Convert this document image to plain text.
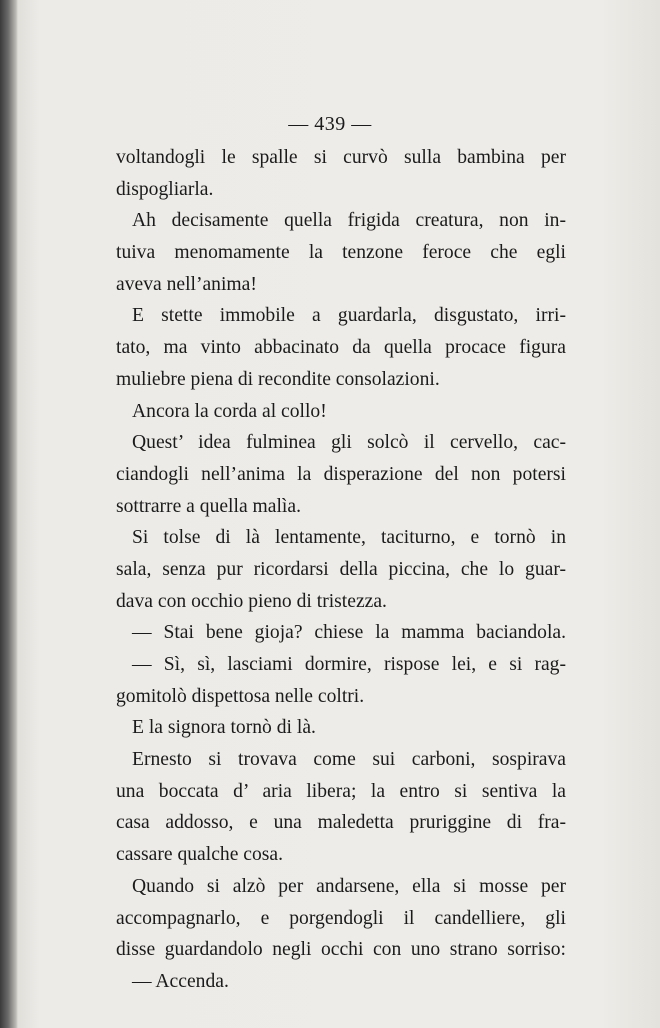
— 439 —
voltandogli le spalle si curvò sulla bambina per
dispogliarla.
Ah decisamente quella frigida creatura, non in-
tuiva menomamente la tenzone feroce che egli
aveva nell’anima!
E stette immobile a guardarla, disgustato, irri-
tato, ma vinto abbacinato da quella procace figura
muliebre piena di recondite consolazioni.
Ancora la corda al collo!
Quest’ idea fulminea gli solcò il cervello, cac-
ciandogli nell’anima la disperazione del non potersi
sottrarre a quella malìa.
Si tolse di là lentamente, taciturno, e tornò in
sala, senza pur ricordarsi della piccina, che lo guar-
dava con occhio pieno di tristezza.
— Stai bene gioja? chiese la mamma baciandola.
— Sì, sì, lasciami dormire, rispose lei, e si rag-
gomitolò dispettosa nelle coltri.
E la signora tornò di là.
Ernesto si trovava come sui carboni, sospirava
una boccata d’ aria libera; la entro si sentiva la
casa addosso, e una maledetta pruriggine di fra-
cassare qualche cosa.
Quando si alzò per andarsene, ella si mosse per
accompagnarlo, e porgendogli il candelliere, gli
disse guardandolo negli occhi con uno strano sorriso:
— Accenda.
